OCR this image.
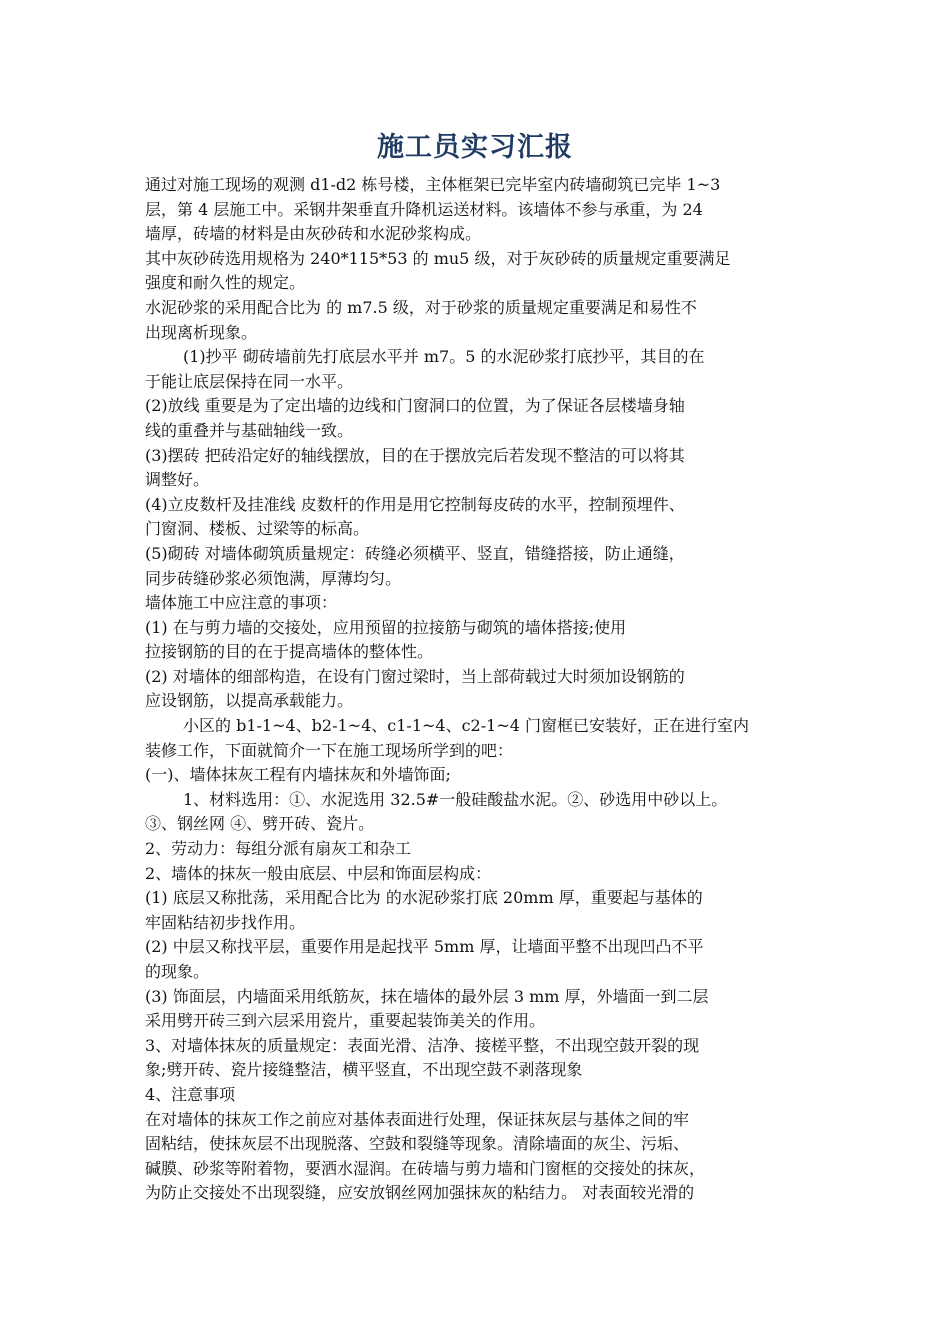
施工员实习汇报
通过对施工现场的观测 d1-d2 栋号楼，主体框架已完毕室内砖墙砌筑已完毕 1~3
层，第 4 层施工中。采钢井架垂直升降机运送材料。该墙体不参与承重，为 24
墙厚，砖墙的材料是由灰砂砖和水泥砂浆构成。
其中灰砂砖选用规格为 240*115*53 的 mu5 级，对于灰砂砖的质量规定重要满足
强度和耐久性的规定。
水泥砂浆的采用配合比为 的 m7.5 级，对于砂浆的质量规定重要满足和易性不
出现离析现象。
(1)抄平 砌砖墙前先打底层水平并 m7。5 的水泥砂浆打底抄平，其目的在
于能让底层保持在同一水平。
(2)放线 重要是为了定出墙的边线和门窗洞口的位置，为了保证各层楼墙身轴
线的重叠并与基础轴线一致。
(3)摆砖 把砖沿定好的轴线摆放，目的在于摆放完后若发现不整洁的可以将其
调整好。
(4)立皮数杆及挂准线 皮数杆的作用是用它控制每皮砖的水平，控制预埋件、
门窗洞、楼板、过梁等的标高。
(5)砌砖 对墙体砌筑质量规定：砖缝必须横平、竖直，错缝搭接，防止通缝，
同步砖缝砂浆必须饱满，厚薄均匀。
墙体施工中应注意的事项：
(1) 在与剪力墙的交接处，应用预留的拉接筋与砌筑的墙体搭接;使用
拉接钢筋的目的在于提高墙体的整体性。
(2) 对墙体的细部构造，在设有门窗过梁时，当上部荷载过大时须加设钢筋的
应设钢筋，以提高承载能力。
小区的 b1-1~4、b2-1~4、c1-1~4、c2-1~4 门窗框已安装好，正在进行室内
装修工作，下面就简介一下在施工现场所学到的吧：
(一)、墙体抹灰工程有内墙抹灰和外墙饰面;
1、材料选用：①、水泥选用 32.5#一般硅酸盐水泥。②、砂选用中砂以上。
③、钢丝网 ④、劈开砖、瓷片。
2、劳动力：每组分派有扇灰工和杂工
2、墙体的抹灰一般由底层、中层和饰面层构成：
(1) 底层又称批荡，采用配合比为 的水泥砂浆打底 20mm 厚，重要起与基体的
牢固粘结初步找作用。
(2) 中层又称找平层，重要作用是起找平 5mm 厚，让墙面平整不出现凹凸不平
的现象。
(3) 饰面层，内墙面采用纸筋灰，抹在墙体的最外层 3 mm 厚，外墙面一到二层
采用劈开砖三到六层采用瓷片，重要起装饰美关的作用。
3、对墙体抹灰的质量规定：表面光滑、洁净、接槎平整，不出现空鼓开裂的现
象;劈开砖、瓷片接缝整洁，横平竖直，不出现空鼓不剥落现象
4、注意事项
在对墙体的抹灰工作之前应对基体表面进行处理，保证抹灰层与基体之间的牢
固粘结，使抹灰层不出现脱落、空鼓和裂缝等现象。清除墙面的灰尘、污垢、
碱膜、砂浆等附着物，要洒水湿润。在砖墙与剪力墙和门窗框的交接处的抹灰，
为防止交接处不出现裂缝，应安放钢丝网加强抹灰的粘结力。 对表面较光滑的
